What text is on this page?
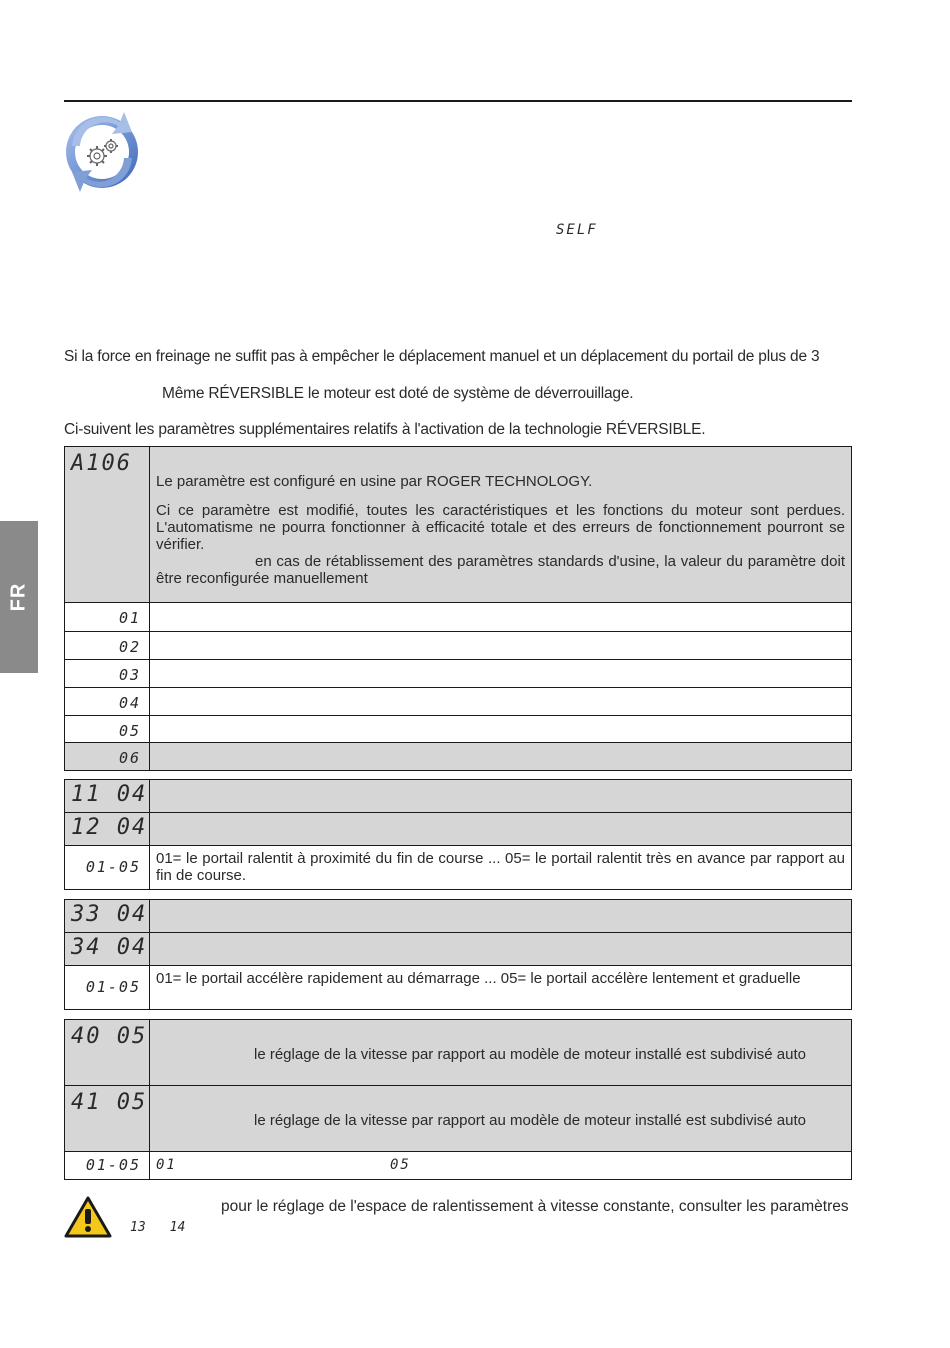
SELF
FR
Si la force en freinage ne suffit pas à empêcher le déplacement manuel et un déplacement du portail de plus de 3
Même RÉVERSIBLE le moteur est doté de système de déverrouillage.
Ci-suivent les paramètres supplémentaires relatifs à l'activation de la technologie RÉVERSIBLE.
A106	Le paramètre est configuré en usine par ROGER TECHNOLOGY.
Ci ce paramètre est modifié, toutes les caractéristiques et les fonctions du moteur sont perdues. L'automatisme ne pourra fonctionner à efficacité totale et des erreurs de fonctionnement pourront se vérifier.
en cas de rétablissement des paramètres standards d'usine, la valeur du paramètre doit être reconfigurée manuellement

01	

02	

03	

04	

05	

06	

11 04	

12 04	

01-05	01= le portail ralentit à proximité du fin de course ... 05= le portail ralentit très en avance par rapport au fin de course.
33 04	

34 04	

01-05	01= le portail accélère rapidement au démarrage ... 05= le portail accélère lentement et graduelle
40 05	le réglage de la vitesse par rapport au modèle de moteur installé est subdivisé auto

41 05	le réglage de la vitesse par rapport au modèle de moteur installé est subdivisé auto

01-05	01 05
pour le réglage de l'espace de ralentissement à vitesse constante, consulter les paramètres
13 14
